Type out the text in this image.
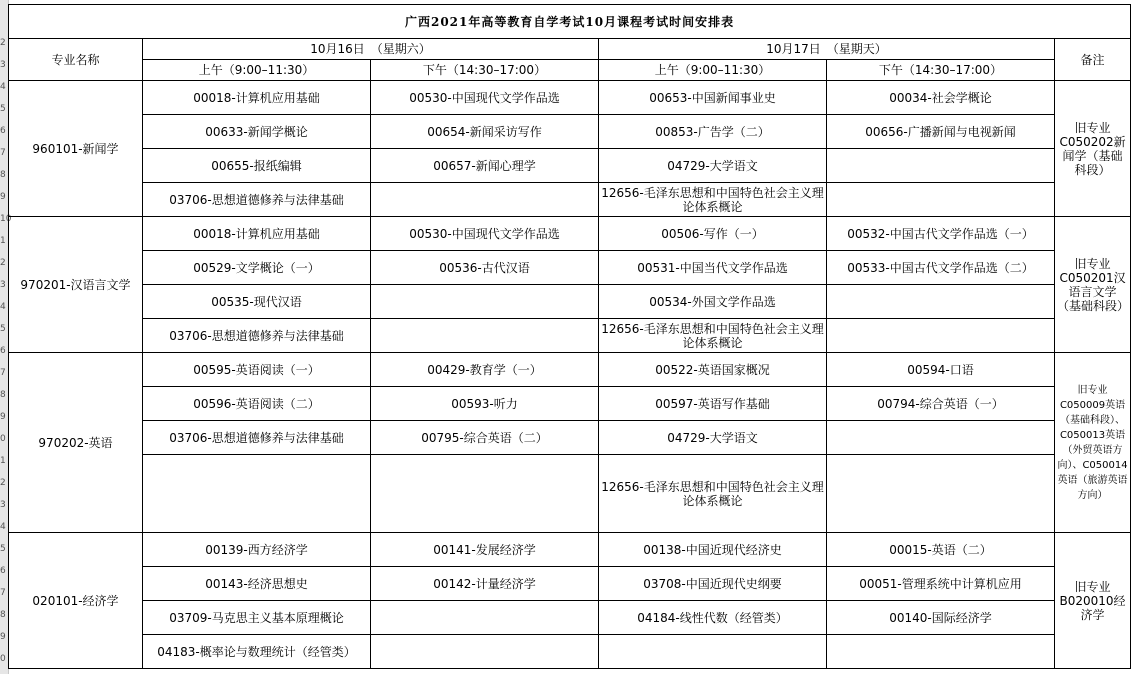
2
3
4
5
6
7
8
9
10
1
2
3
4
5
6
7
8
9
0
1
2
3
4
5
6
7
8
9
0
广西2021年高等教育自学考试10月课程考试时间安排表					
专业名称	10月16日　（星期六）		10月17日　（星期天）		备注
	上午（9:00–11:30）	下午（14:30–17:00）	上午（9:00–11:30）	下午（14:30–17:00）	
960101-新闻学	00018-计算机应用基础	00530-中国现代文学作品选	00653-中国新闻事业史	00034-社会学概论	旧专业C050202新闻学（基础科段）
	00633-新闻学概论	00654-新闻采访写作	00853-广告学（二）	00656-广播新闻与电视新闻	
	00655-报纸编辑	00657-新闻心理学	04729-大学语文		
	03706-思想道德修养与法律基础		12656-毛泽东思想和中国特色社会主义理论体系概论		
970201-汉语言文学	00018-计算机应用基础	00530-中国现代文学作品选	00506-写作（一）	00532-中国古代文学作品选（一）	旧专业C050201汉语言文学（基础科段）
	00529-文学概论（一）	00536-古代汉语	00531-中国当代文学作品选	00533-中国古代文学作品选（二）	
	00535-现代汉语		00534-外国文学作品选		
	03706-思想道德修养与法律基础		12656-毛泽东思想和中国特色社会主义理论体系概论		
970202-英语	00595-英语阅读（一）	00429-教育学（一）	00522-英语国家概况	00594-口语	旧专业C050009英语（基础科段）、C050013英语（外贸英语方向）、C050014英语（旅游英语方向）
	00596-英语阅读（二）	00593-听力	00597-英语写作基础	00794-综合英语（一）	
	03706-思想道德修养与法律基础	00795-综合英语（二）	04729-大学语文		
			12656-毛泽东思想和中国特色社会主义理论体系概论		
020101-经济学	00139-西方经济学	00141-发展经济学	00138-中国近现代经济史	00015-英语（二）	旧专业B020010经济学
	00143-经济思想史	00142-计量经济学	03708-中国近现代史纲要	00051-管理系统中计算机应用	
	03709-马克思主义基本原理概论		04184-线性代数（经管类）	00140-国际经济学	
	04183-概率论与数理统计（经管类）				
